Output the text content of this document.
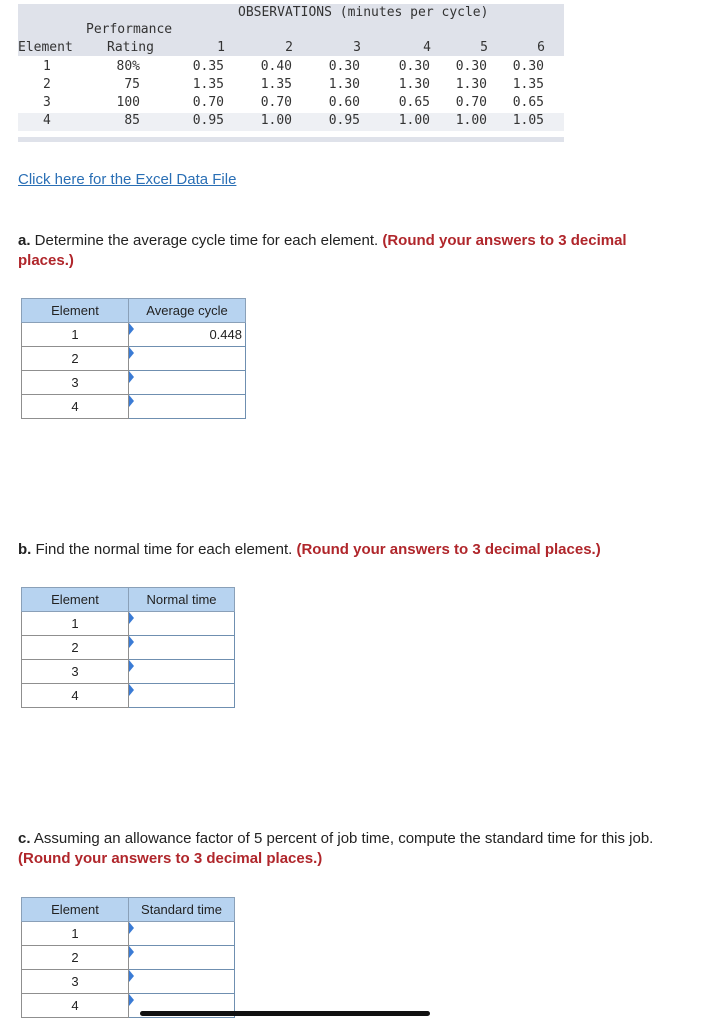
OBSERVATIONS (minutes per cycle)
Performance
Element	Rating	1	2	3	4	5	6
1	80%	0.35	0.40	0.30	0.30	0.30	0.30
2	75	1.35	1.35	1.30	1.30	1.30	1.35
3	100	0.70	0.70	0.60	0.65	0.70	0.65
4	85	0.95	1.00	0.95	1.00	1.00	1.05
Click here for the Excel Data File
a. Determine the average cycle time for each element. (Round your answers to 3 decimal places.)
Element	Average cycle
1	0.448
2	
3	
4	
b. Find the normal time for each element. (Round your answers to 3 decimal places.)
Element	Normal time
1	
2	
3	
4	
c. Assuming an allowance factor of 5 percent of job time, compute the standard time for this job. (Round your answers to 3 decimal places.)
Element	Standard time
1	
2	
3	
4	
